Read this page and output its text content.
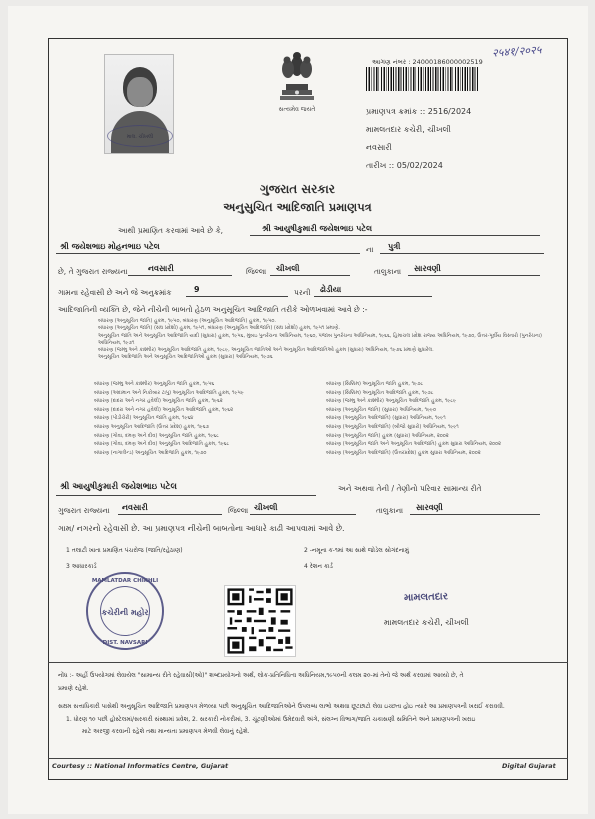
માલ. ચીખલી
સત્યમેવ જયતે
२५४१/२०२५
આગણ નંબર : 24000186000002519
પ્રમાણપત્ર ક્રમાંક :: 2516/2024
મામલતદાર કચેરી, ચીખલી
નવસારી
તારીખ :: 05/02/2024
ગુજરાત સરકાર
અનુસુચિત આદિજાતિ પ્રમાણપત્ર
આથી પ્રમાણિત કરવામાં આવે છે કે,	શ્રી આયુષીકુમારી જયેશભાઇ પટેલ
શ્રી જયેશભાઇ મોહનભાઇ પટેલ	ના પુત્રી
છે, તે ગુજરાત રાજ્યના	નવસારી	જિલ્લા ચીખલી	તાલુકાના સારવણી
ગામના રહેવાસી છે અને જે અનુક્રમાંક	9	પરની ઢોડીયા
આદિજાતિની વ્યક્તિ છે, જેને નીચેની બાબતો હેઠળ અનુસૂચિત આદિજાતિ તરીકે ઓળખવામાં આવે છે :-
બંધારણ (અનુસૂચિત જાતિ) હુકમ, ૧૯૫૦, બંધારણ (અનુસૂચિત આદિજાતિ) હુકમ, ૧૯૫૦.
બંધારણ (અનુસૂચિત જાતિ) (સંઘ પ્રદેશો) હુકમ, ૧૯૫૧, બંધારણ (અનુસૂચિત આદિજાતિ) (સંઘ પ્રદેશો) હુકમ, ૧૯૫૧ પ્રમાણે.
અનુસૂચિત જાતિ અને અનુસૂચિત આદિજાતિ યાદી (સુધારા) હુકમ, ૧૯૫૬, મુંબઇ પુનર્રચના અધિનિયમ, ૧૯૬૦, પંજાબ પુનર્રચના અધિનિયમ, ૧૯૬૬, હિમાચલ પ્રદેશ રાજ્ય અધિનિયમ, ૧૯૭૦, ઉત્તર-પૂર્વીય વિસ્તારો (પુનર્રચના) અધિનિયમ, ૧૯૭૧
બંધારણ (જમ્મુ અને કાશ્મીર) અનુસૂચિત આદિજાતિ હુકમ, ૧૯૮૯, અનુસૂચિત જાતિઓ અને અનુસૂચિત આદિજાતિઓ હુકમ (સુધારા) અધિનિયમ, ૧૯૭૬ પ્રમાણે સુધારેલ.
અનુસૂચિત આદિજાતિ અને અનુસૂચિત આદિજાતિઓ હુકમ (સુધારા) અધિનિયમ, ૧૯૭૬
બંધારણ (જમ્મુ અને કાશ્મીર) અનુસૂચિત જાતિ હુકમ, ૧૯૫૬
બંધારણ (અંદામાન અને નિકોબાર ટાપુ) અનુસૂચિત આદિજાતિ હુકમ, ૧૯૫૯
બંધારણ (દાદરા અને નગર હવેલી) અનુસૂચિત જાતિ હુકમ, ૧૯૬૨
બંધારણ (દાદરા અને નગર હવેલી) અનુસૂચિત આદિજાતિ હુકમ, ૧૯૬૨
બંધારણ (પોંડીચેરી) અનુસૂચિત જાતિ હુકમ, ૧૯૬૪
બંધારણ અનુસૂચિત આદિજાતિ (ઉત્તર પ્રદેશ) હુકમ, ૧૯૬૭
બંધારણ (ગોવા, દમણ અને દીવ) અનુસૂચિત જાતિ હુકમ, ૧૯૬૮
બંધારણ (ગોવા, દમણ અને દીવ) અનુસૂચિત આદિજાતિ હુકમ, ૧૯૬૮
બંધારણ (નાગાલેન્ડ) અનુસૂચિત આદિજાતિ હુકમ, ૧૯૭૦
બંધારણ (સિક્કિમ) અનુસૂચિત જાતિ હુકમ, ૧૯૭૮
બંધારણ (સિક્કિમ) અનુસૂચિત આદિજાતિ હુકમ, ૧૯૭૮
બંધારણ (જમ્મુ અને કાશ્મીર) અનુસૂચિત આદિજાતિ હુકમ, ૧૯૮૯
બંધારણ (અનુસૂચિત જાતિ) (સુધારા) અધિનિયમ, ૧૯૯૦
બંધારણ (અનુસૂચિત આદિજાતિ) (સુધારા) અધિનિયમ, ૧૯૯૧
બંધારણ (અનુસૂચિત આદિજાતિ) (બીજો સુધારો) અધિનિયમ, ૧૯૯૧
બંધારણ (અનુસૂચિત જાતિ) હુકમ (સુધારા) અધિનિયમ, ૨૦૦૨
બંધારણ (અનુસૂચિત જાતિ અને અનુસૂચિત આદિજાતિ) હુકમ સુધારા અધિનિયમ, ૨૦૦૨
બંધારણ (અનુસૂચિત આદિજાતિ) (ઉત્તરપ્રદેશ) હુકમ સુધારા અધિનિયમ, ૨૦૦૨
શ્રી આયુષીકુમારી જયેશભાઇ પટેલ	અને અથવા તેની / તેણીનો પરિવાર સામાન્ય રીતે
ગુજરાત રાજ્યના નવસારી	જિલ્લા ચીખલી	તાલુકાના સારવણી
ગામ/ નગરનો રહેવાસી છે. આ પ્રમાણપત્ર નીચેની બાબતોના આધારે કાઢી આપવામાં આવે છે.
1 તલાટી ખાતા પ્રમાણિત પંચરોજ (જાતિ/રહેઠાણ)	2 -નમૂના ક-૧માં આ સાથે જોડેલ સોગંદનામું
3 આધારકાર્ડ	4 રેશન કાર્ડ
MAMLATDAR CHIKHLI
કચેરીની મહોર
DIST. NAVSARI
મામલતદાર
મામલતદાર કચેરી, ચીખલી
નોંધ :- અહીં ઉપયોગમાં લેવાયેલ "સામાન્ય રીતે રહેવાસી(ઓ)" શબ્દપ્રયોગનો અર્થ, લોક-પ્રતિનિધિત્વ અધિનિયમ,૧૯૫૦ની કલમ ૨૦-માં તેનો જે અર્થ કરવામાં આવ્યો છે, તે
પ્રમાણે રહેશે.
સક્ષમ સત્તાધિકારી પાસેથી અનુસૂચિત આદિજાતિ પ્રમાણપત્ર મેળવ્યા પછી અનુસૂચિત આદિજાતિઓને ઉપલબ્ધ લાભો અથવા છૂટછાટો લેવા ઇચ્છતા હોઇ ત્યારે આ પ્રમાણપત્રની ખરાઈ કરાવવી.
1. ધોરણ ૧૦ પછી હોસ્ટેલમાં/સરકારી સંસ્થામાં પ્રવેશ, 2. સરકારી નોકરીમાં, 3. ચૂંટણીઓમાં ઉમેદવારી અંગે, સંલગ્ન વિભાગ/જાતિ ચકાસણી સમિતિને અને પ્રમાણપત્રની ખરાઇ
માટે અરજી કરવાની રહેશે તથા માન્યતા પ્રમાણપત્ર મેળવી લેવાનું રહેશે.
Courtesy :: National Informatics Centre, Gujarat	Digital Gujarat
